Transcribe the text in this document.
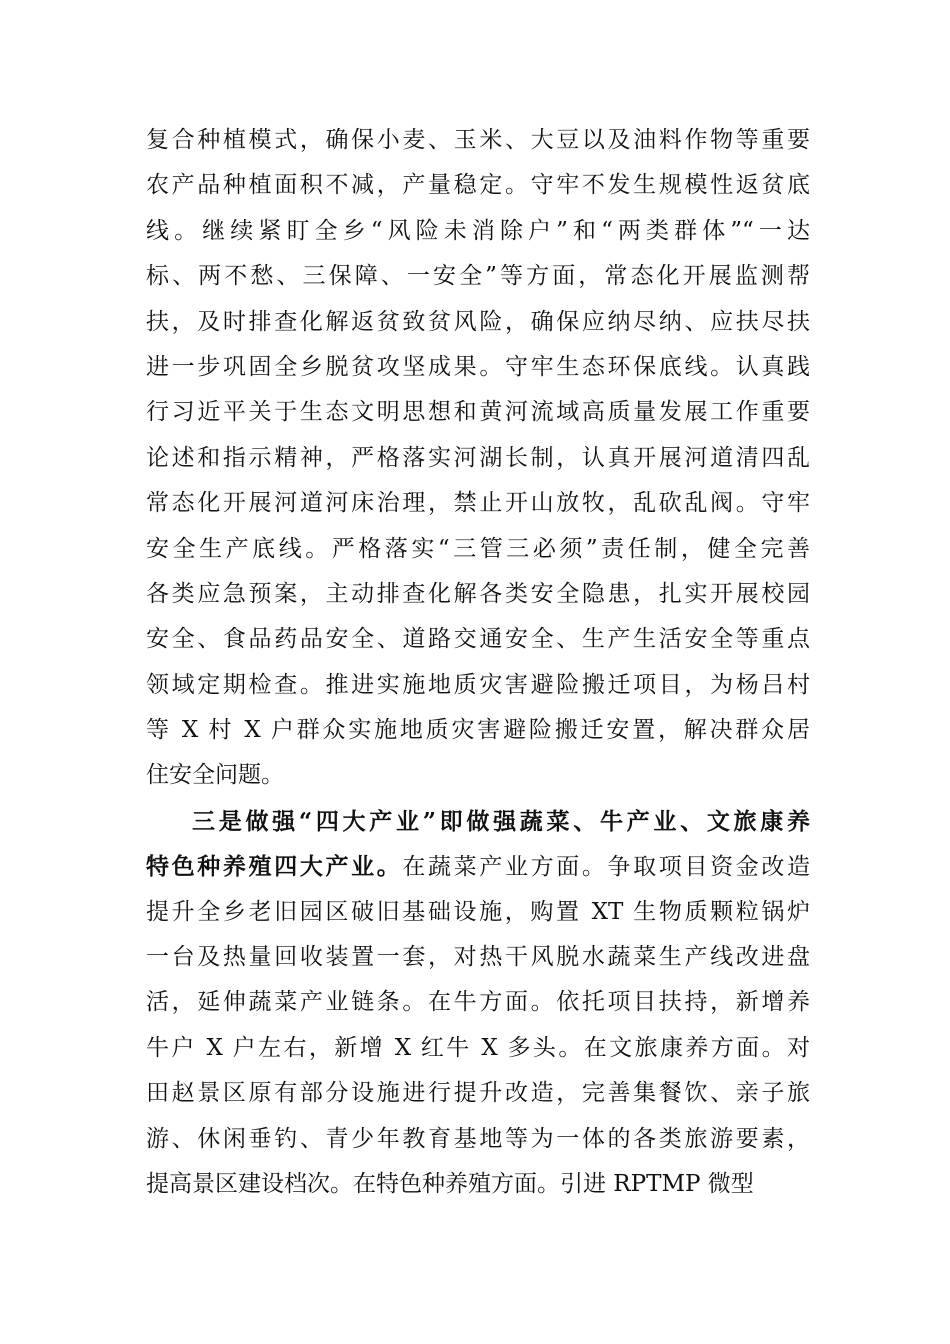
复合种植模式，确保小麦、玉米、大豆以及油料作物等重要
农产品种植面积不减，产量稳定。守牢不发生规模性返贫底
线。继续紧盯全乡“风险未消除户”和“两类群体”“一达
标、两不愁、三保障、一安全”等方面，常态化开展监测帮
扶，及时排查化解返贫致贫风险，确保应纳尽纳、应扶尽扶
进一步巩固全乡脱贫攻坚成果。守牢生态环保底线。认真践
行习近平关于生态文明思想和黄河流域高质量发展工作重要
论述和指示精神，严格落实河湖长制，认真开展河道清四乱
常态化开展河道河床治理，禁止开山放牧，乱砍乱阀。守牢
安全生产底线。严格落实“三管三必须”责任制，健全完善
各类应急预案，主动排查化解各类安全隐患，扎实开展校园
安全、食品药品安全、道路交通安全、生产生活安全等重点
领域定期检查。推进实施地质灾害避险搬迁项目，为杨吕村
等 X 村 X 户群众实施地质灾害避险搬迁安置，解决群众居
住安全问题。
三是做强“四大产业”即做强蔬菜、牛产业、文旅康养
特色种养殖四大产业。在蔬菜产业方面。争取项目资金改造
提升全乡老旧园区破旧基础设施，购置 XT 生物质颗粒锅炉
一台及热量回收装置一套，对热干风脱水蔬菜生产线改进盘
活，延伸蔬菜产业链条。在牛方面。依托项目扶持，新增养
牛户 X 户左右，新增 X 红牛 X 多头。在文旅康养方面。对
田赵景区原有部分设施进行提升改造，完善集餐饮、亲子旅
游、休闲垂钓、青少年教育基地等为一体的各类旅游要素，
提高景区建设档次。在特色种养殖方面。引进 RPTMP 微型
